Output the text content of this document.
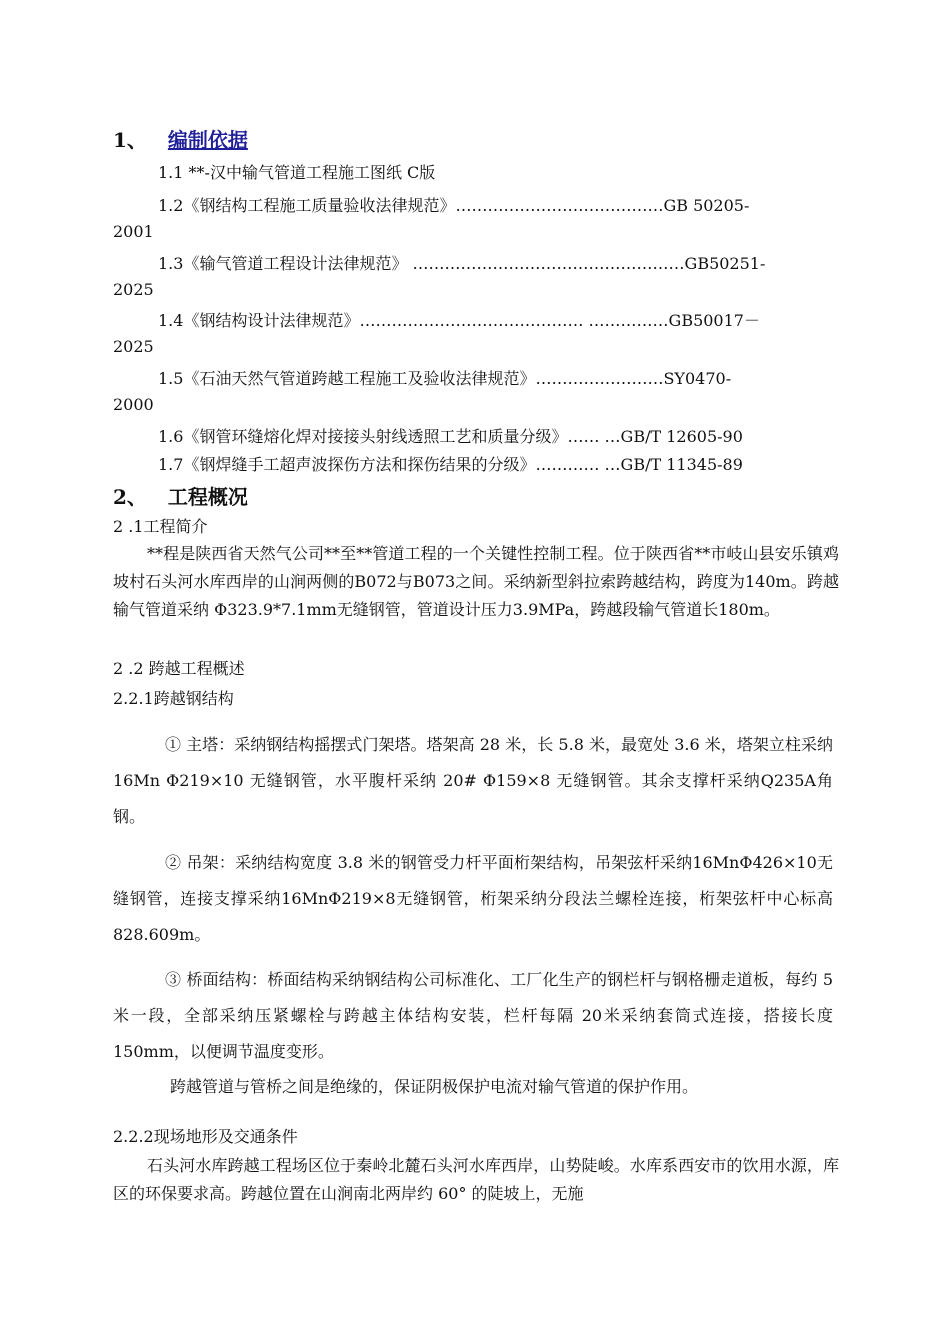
1、 编制依据
1.1 **-汉中输气管道工程施工图纸 C版
1.2《钢结构工程施工质量验收法律规范》…………………………………GB 50205-
2001
1.3《输气管道工程设计法律规范》 ……………………………………………GB50251-
2025
1.4《钢结构设计法律规范》…………………………………… ……………GB50017－
2025
1.5《石油天然气管道跨越工程施工及验收法律规范》……………………SY0470-
2000
1.6《钢管环缝熔化焊对接接头射线透照工艺和质量分级》…… …GB/T 12605-90
1.7《钢焊缝手工超声波探伤方法和探伤结果的分级》………… …GB/T 11345-89
2、 工程概况
2 .1工程简介
**程是陕西省天然气公司**至**管道工程的一个关键性控制工程。位于陕西省**市岐山县安乐镇鸡坡村石头河水库西岸的山涧两侧的B072与B073之间。采纳新型斜拉索跨越结构，跨度为140m。跨越输气管道采纳 Φ323.9*7.1mm无缝钢管，管道设计压力3.9MPa，跨越段输气管道长180m。
2 .2 跨越工程概述
2.2.1跨越钢结构
① 主塔：采纳钢结构摇摆式门架塔。塔架高 28 米，长 5.8 米，最宽处 3.6 米，塔架立柱采纳 16Mn Φ219×10 无缝钢管，水平腹杆采纳 20# Φ159×8 无缝钢管。其余支撑杆采纳Q235A角钢。
② 吊架：采纳结构宽度 3.8 米的钢管受力杆平面桁架结构，吊架弦杆采纳16MnΦ426×10无缝钢管，连接支撑采纳16MnΦ219×8无缝钢管，桁架采纳分段法兰螺栓连接，桁架弦杆中心标高828.609m。
③ 桥面结构：桥面结构采纳钢结构公司标准化、工厂化生产的钢栏杆与钢格栅走道板，每约 5 米一段，全部采纳压紧螺栓与跨越主体结构安装，栏杆每隔 20米采纳套筒式连接，搭接长度150mm，以便调节温度变形。
跨越管道与管桥之间是绝缘的，保证阴极保护电流对输气管道的保护作用。
2.2.2现场地形及交通条件
石头河水库跨越工程场区位于秦岭北麓石头河水库西岸，山势陡峻。水库系西安市的饮用水源，库区的环保要求高。跨越位置在山涧南北两岸约 60° 的陡坡上，无施
